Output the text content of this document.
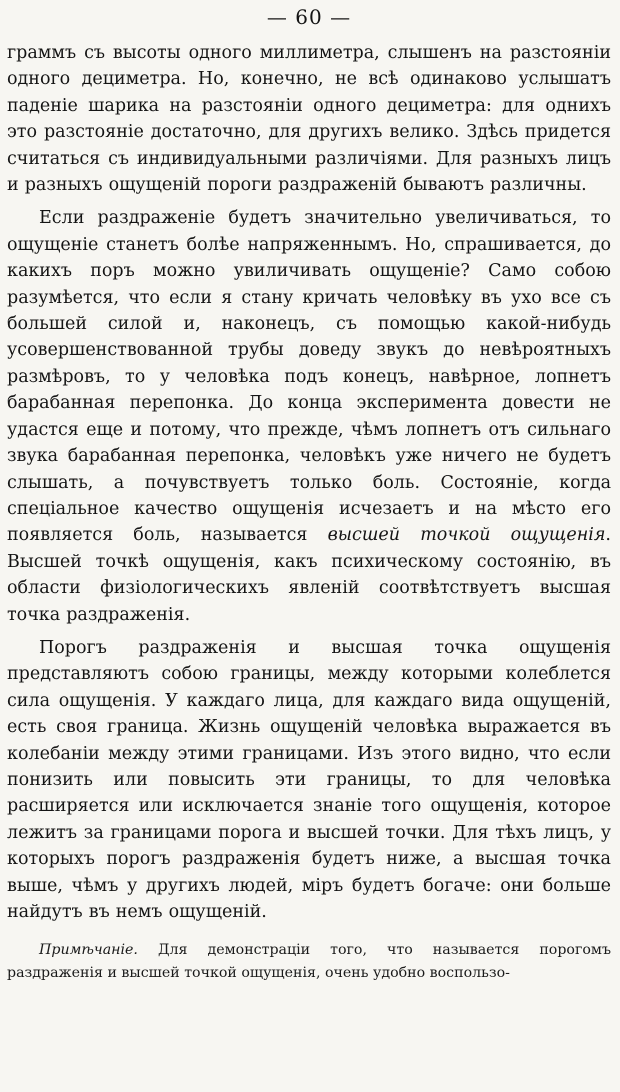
— 60 —

граммъ съ высоты одного миллиметра, слышенъ на разстоянiи одного дециметра. Но, конечно, не всѣ одинаково услышатъ паденiе шарика на разстоянiи одного дециметра: для однихъ это разстоянiе достаточно, для другихъ велико. Здѣсь придется считаться съ индивидуальными различiями. Для разныхъ лицъ и разныхъ ощущенiй пороги раздраженiй бываютъ различны.

Если раздраженiе будетъ значительно увеличиваться, то ощущенiе станетъ болѣе напряженнымъ. Но, спрашивается, до какихъ поръ можно увиличивать ощущенiе? Само собою разумѣется, что если я стану кричать человѣку въ ухо все съ большей силой и, наконецъ, съ помощью какой-нибудь усовершенствованной трубы доведу звукъ до невѣроятныхъ размѣровъ, то у человѣка подъ конецъ, навѣрное, лопнетъ барабанная перепонка. До конца эксперимента довести не удастся еще и потому, что прежде, чѣмъ лопнетъ отъ сильнаго звука барабанная перепонка, человѣкъ уже ничего не будетъ слышать, а почувствуетъ только боль. Состоянiе, когда спецiальное качество ощущенiя исчезаетъ и на мѣсто его появляется боль, называется высшей точкой ощущенiя. Высшей точкѣ ощущенiя, какъ психическому состоянiю, въ области физiологическихъ явленiй соотвѣтствуетъ высшая точка раздраженiя.

Порогъ раздраженiя и высшая точка ощущенiя представляютъ собою границы, между которыми колеблется сила ощущенiя. У каждаго лица, для каждаго вида ощущенiй, есть своя граница. Жизнь ощущенiй человѣка выражается въ колебанiи между этими границами. Изъ этого видно, что если понизить или повысить эти границы, то для человѣка расширяется или исключается знанiе того ощущенiя, которое лежитъ за границами порога и высшей точки. Для тѣхъ лицъ, у которыхъ порогъ раздраженiя будетъ ниже, а высшая точка выше, чѣмъ у другихъ людей, мiръ будетъ богаче: они больше найдутъ въ немъ ощущенiй.

Примѣчанiе. Для демонстрацiи того, что называется порогомъ раздраженiя и высшей точкой ощущенiя, очень удобно воспользо-
